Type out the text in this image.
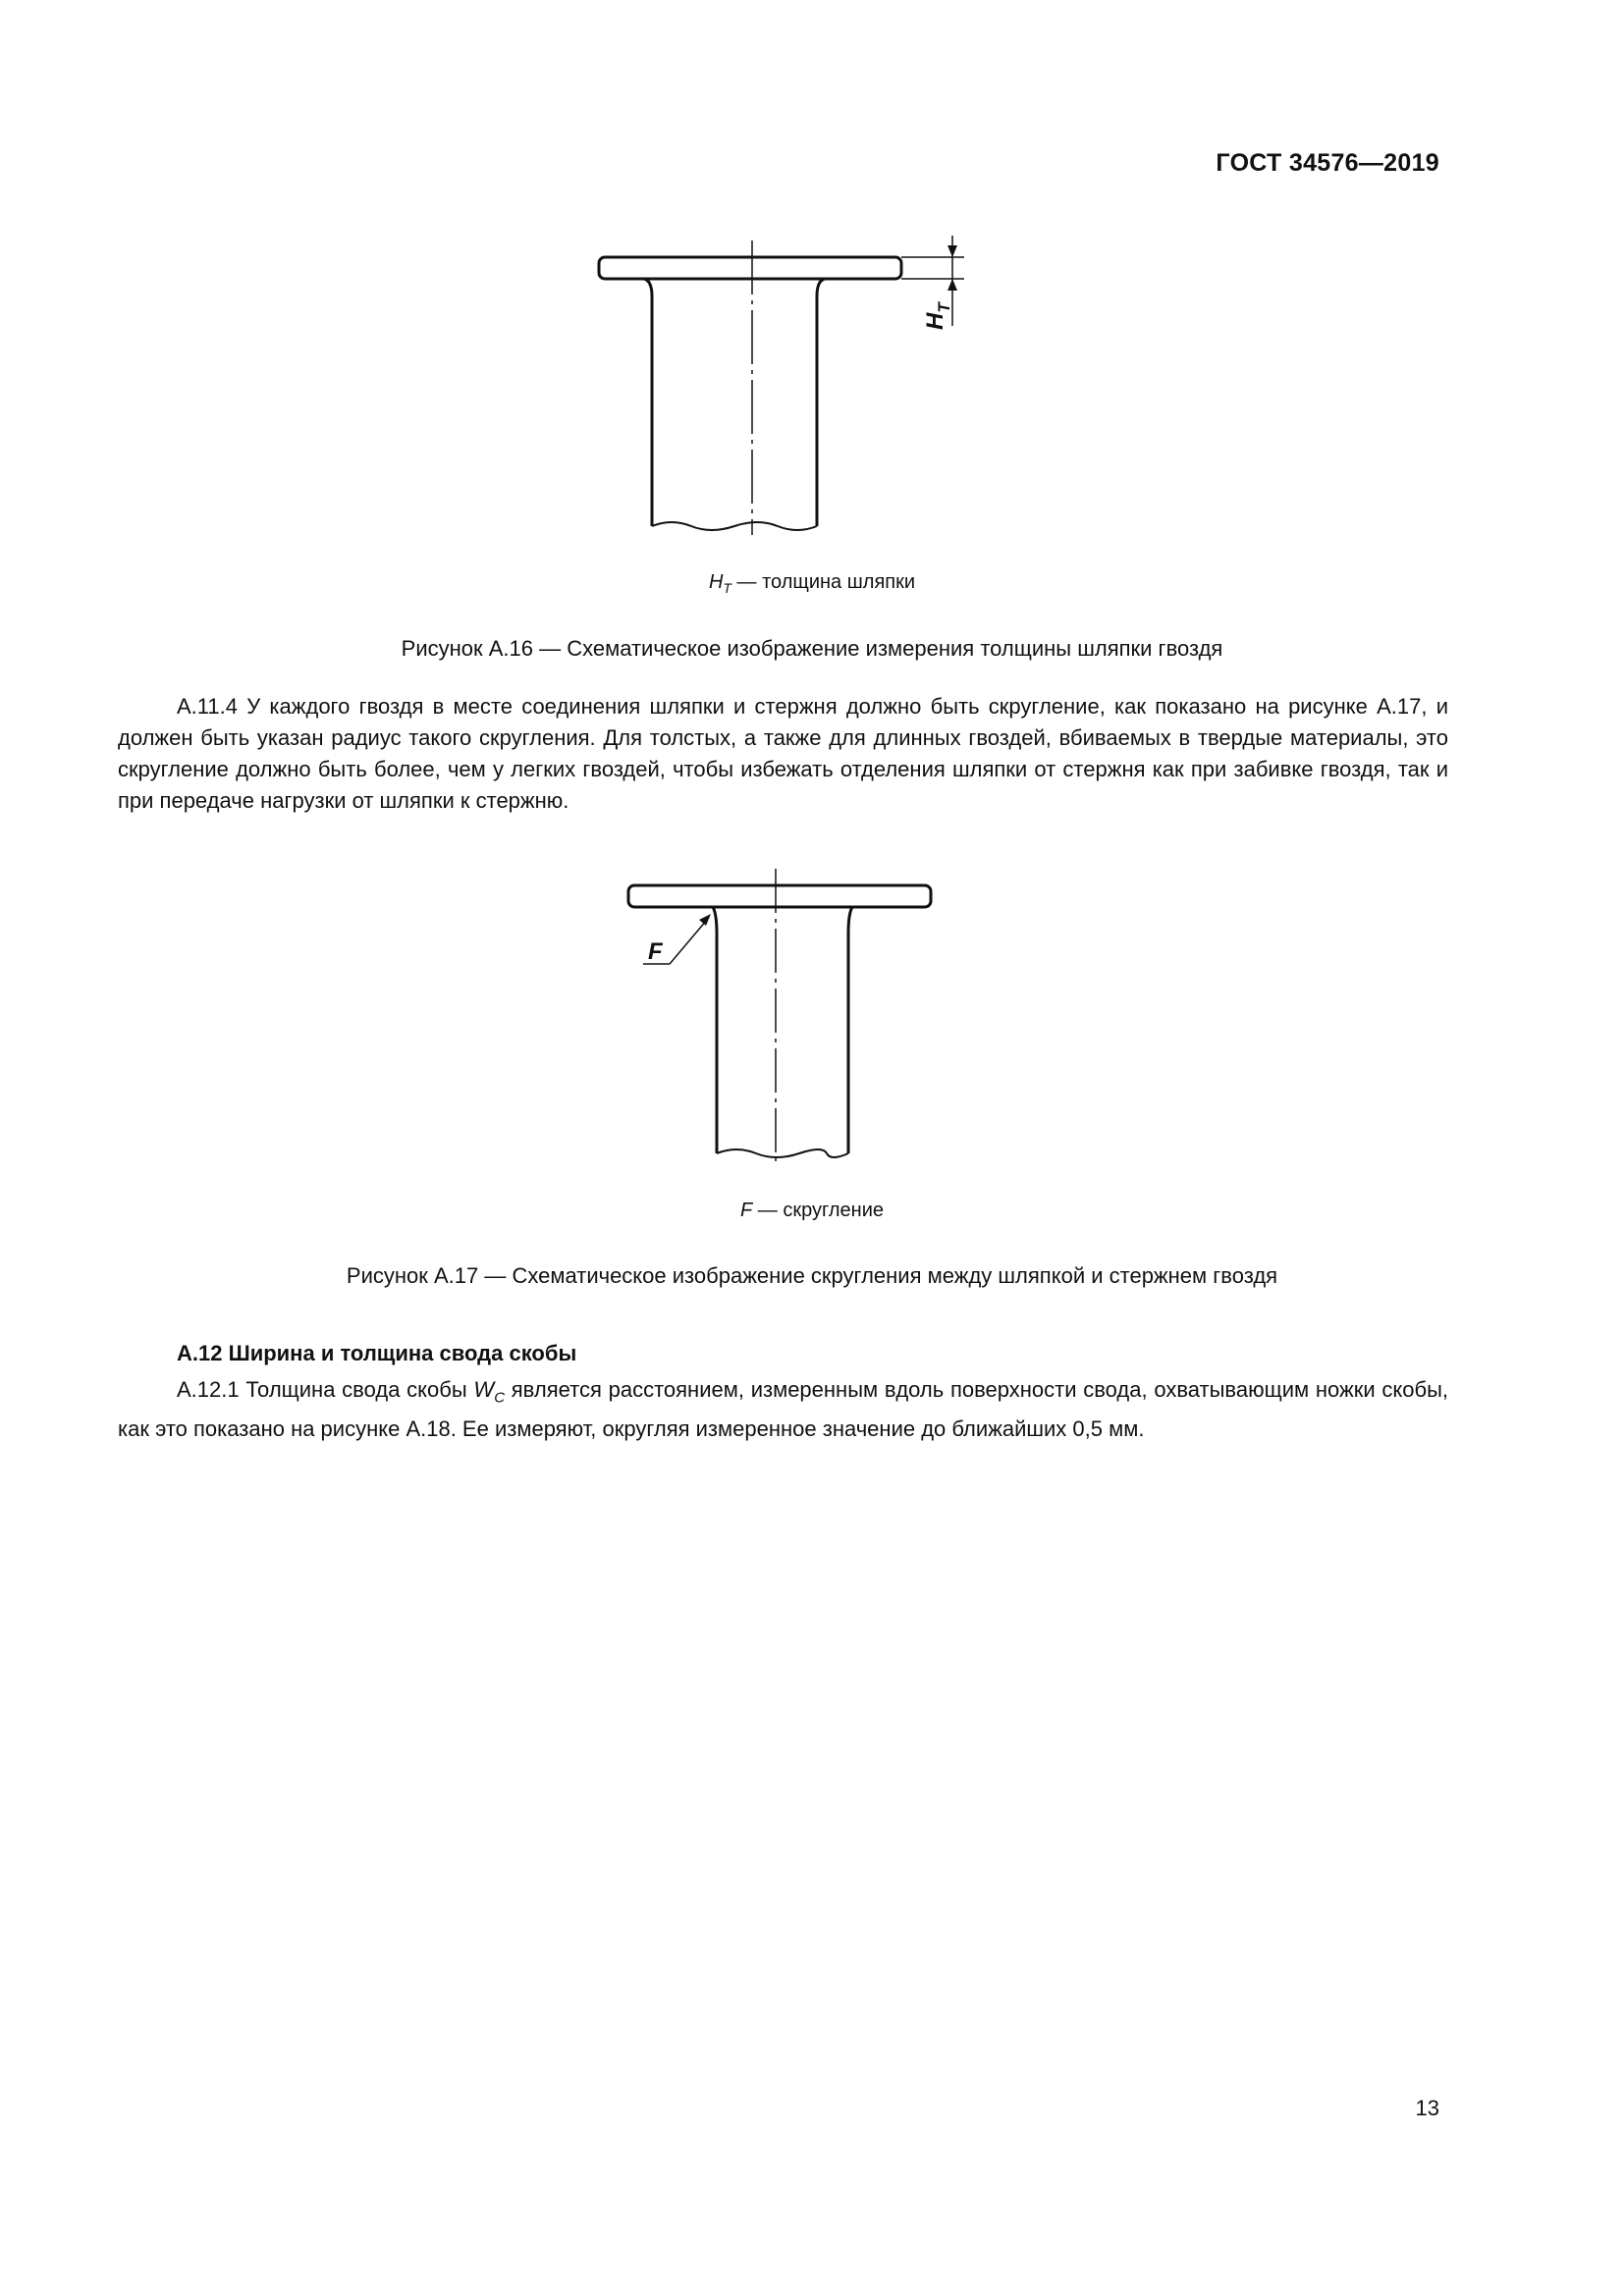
ГОСТ 34576—2019
$H_T$
$H_T$ — толщина шляпки
Рисунок А.16 — Схематическое изображение измерения толщины шляпки гвоздя

А.11.4 У каждого гвоздя в месте соединения шляпки и стержня должно быть скругление, как показано на рисунке А.17, и должен быть указан радиус такого скругления. Для толстых, а также для длинных гвоздей, вбиваемых в твердые материалы, это скругление должно быть более, чем у легких гвоздей, чтобы избежать отделения шляпки от стержня как при забивке гвоздя, так и при передаче нагрузки от шляпки к стержню.

F
F — скругление
Рисунок А.17 — Схематическое изображение скругления между шляпкой и стержнем гвоздя
А.12 Ширина и толщина свода скобы

А.12.1 Толщина свода скобы $W_C$ является расстоянием, измеренным вдоль поверхности свода, охватывающим ножки скобы, как это показано на рисунке А.18. Ее измеряют, округляя измеренное значение до ближайших 0,5 мм.

13
